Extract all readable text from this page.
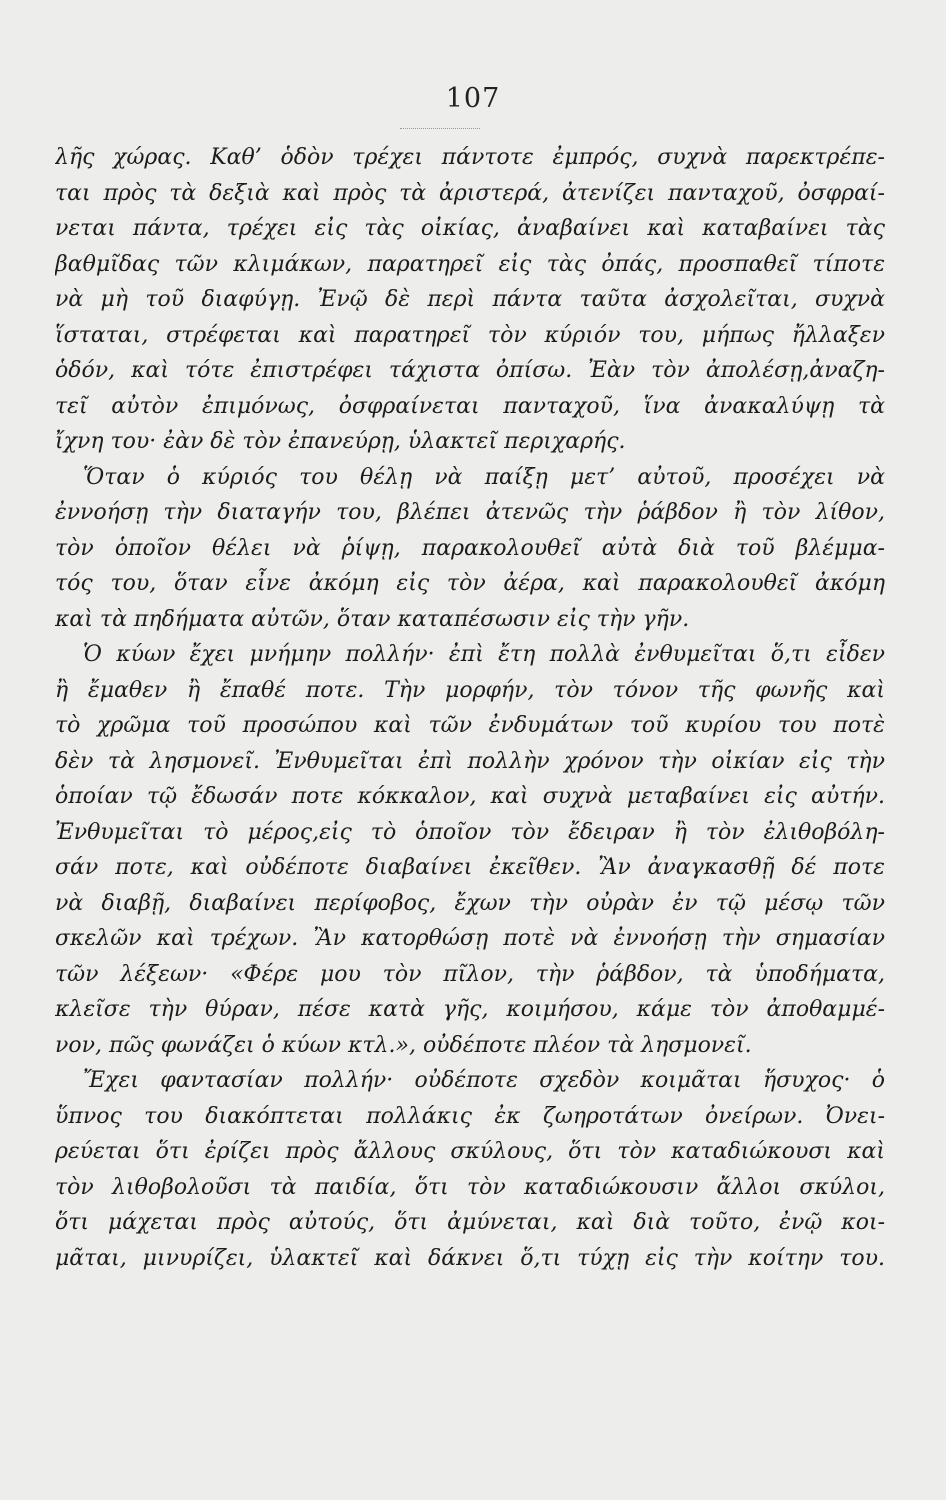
107
λῆς χώρας. Καθ’ ὁδὸν τρέχει πάντοτε ἐμπρός, συχνὰ παρεκτρέπε-
ται πρὸς τὰ δεξιὰ καὶ πρὸς τὰ ἀριστερά, ἀτενίζει πανταχοῦ, ὀσφραί-
νεται πάντα, τρέχει εἰς τὰς οἰκίας, ἀναβαίνει καὶ καταβαίνει τὰς
βαθμῖδας τῶν κλιμάκων, παρατηρεῖ εἰς τὰς ὀπάς, προσπαθεῖ τίποτε
νὰ μὴ τοῦ διαφύγῃ. Ἐνῷ δὲ περὶ πάντα ταῦτα ἀσχολεῖται, συχνὰ
ἵσταται, στρέφεται καὶ παρατηρεῖ τὸν κύριόν του, μήπως ἤλλαξεν
ὁδόν, καὶ τότε ἐπιστρέφει τάχιστα ὀπίσω. Ἐὰν τὸν ἀπολέσῃ,ἀναζη-
τεῖ αὐτὸν ἐπιμόνως, ὀσφραίνεται πανταχοῦ, ἵνα ἀνακαλύψῃ τὰ
ἴχνη του· ἐὰν δὲ τὸν ἐπανεύρῃ, ὑλακτεῖ περιχαρής.
Ὅταν ὁ κύριός του θέλῃ νὰ παίξῃ μετ’ αὐτοῦ, προσέχει νὰ
ἐννοήσῃ τὴν διαταγήν του, βλέπει ἀτενῶς τὴν ῥάβδον ἢ τὸν λίθον,
τὸν ὁποῖον θέλει νὰ ῥίψῃ, παρακολουθεῖ αὐτὰ διὰ τοῦ βλέμμα-
τός του, ὅταν εἶνε ἀκόμη εἰς τὸν ἀέρα, καὶ παρακολουθεῖ ἀκόμη
καὶ τὰ πηδήματα αὐτῶν, ὅταν καταπέσωσιν εἰς τὴν γῆν.
Ὁ κύων ἔχει μνήμην πολλήν· ἐπὶ ἔτη πολλὰ ἐνθυμεῖται ὅ,τι εἶδεν
ἢ ἔμαθεν ἢ ἔπαθέ ποτε. Τὴν μορφήν, τὸν τόνον τῆς φωνῆς καὶ
τὸ χρῶμα τοῦ προσώπου καὶ τῶν ἐνδυμάτων τοῦ κυρίου του ποτὲ
δὲν τὰ λησμονεῖ. Ἐνθυμεῖται ἐπὶ πολλὴν χρόνον τὴν οἰκίαν εἰς τὴν
ὁποίαν τῷ ἔδωσάν ποτε κόκκαλον, καὶ συχνὰ μεταβαίνει εἰς αὐτήν.
Ἐνθυμεῖται τὸ μέρος,εἰς τὸ ὁποῖον τὸν ἔδειραν ἢ τὸν ἐλιθοβόλη-
σάν ποτε, καὶ οὐδέποτε διαβαίνει ἐκεῖθεν. Ἂν ἀναγκασθῇ δέ ποτε
νὰ διαβῇ, διαβαίνει περίφοβος, ἔχων τὴν οὐρὰν ἐν τῷ μέσῳ τῶν
σκελῶν καὶ τρέχων. Ἂν κατορθώσῃ ποτὲ νὰ ἐννοήσῃ τὴν σημασίαν
τῶν λέξεων· «Φέρε μου τὸν πῖλον, τὴν ῥάβδον, τὰ ὑποδήματα,
κλεῖσε τὴν θύραν, πέσε κατὰ γῆς, κοιμήσου, κάμε τὸν ἀποθαμμέ-
νον, πῶς φωνάζει ὁ κύων κτλ.», οὐδέποτε πλέον τὰ λησμονεῖ.
Ἔχει φαντασίαν πολλήν· οὐδέποτε σχεδὸν κοιμᾶται ἥσυχος· ὁ
ὕπνος του διακόπτεται πολλάκις ἐκ ζωηροτάτων ὀνείρων. Ὀνει-
ρεύεται ὅτι ἐρίζει πρὸς ἄλλους σκύλους, ὅτι τὸν καταδιώκουσι καὶ
τὸν λιθοβολοῦσι τὰ παιδία, ὅτι τὸν καταδιώκουσιν ἄλλοι σκύλοι,
ὅτι μάχεται πρὸς αὐτούς, ὅτι ἀμύνεται, καὶ διὰ τοῦτο, ἐνῷ κοι-
μᾶται, μινυρίζει, ὑλακτεῖ καὶ δάκνει ὅ,τι τύχῃ εἰς τὴν κοίτην του.
